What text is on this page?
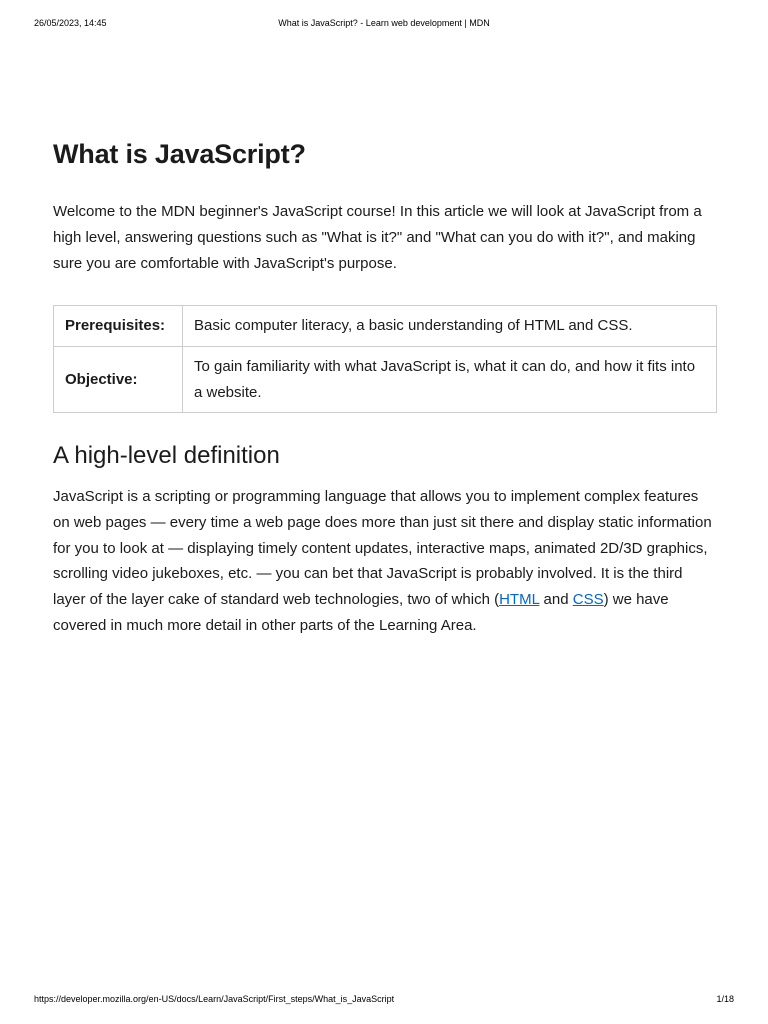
26/05/2023, 14:45	What is JavaScript? - Learn web development | MDN
What is JavaScript?

Welcome to the MDN beginner's JavaScript course! In this article we will look at JavaScript from a high level, answering questions such as "What is it?" and "What can you do with it?", and making sure you are comfortable with JavaScript's purpose.

Prerequisites:	Basic computer literacy, a basic understanding of HTML and CSS.
Objective:	To gain familiarity with what JavaScript is, what it can do, and how it fits into a website.
A high-level definition

JavaScript is a scripting or programming language that allows you to implement complex features on web pages — every time a web page does more than just sit there and display static information for you to look at — displaying timely content updates, interactive maps, animated 2D/3D graphics, scrolling video jukeboxes, etc. — you can bet that JavaScript is probably involved. It is the third layer of the layer cake of standard web technologies, two of which (HTML and CSS) we have covered in much more detail in other parts of the Learning Area.

https://developer.mozilla.org/en-US/docs/Learn/JavaScript/First_steps/What_is_JavaScript	1/18
